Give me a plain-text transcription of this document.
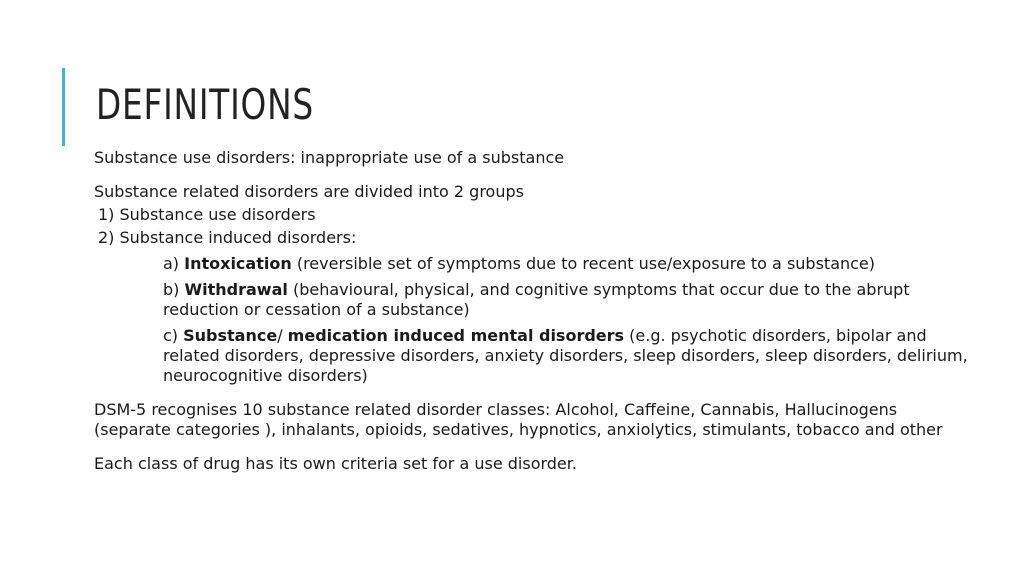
DEFINITIONS

Substance use disorders: inappropriate use of a substance

Substance related disorders are divided into 2 groups

1) Substance use disorders

2) Substance induced disorders:

a) Intoxication (reversible set of symptoms due to recent use/exposure to a substance)

b) Withdrawal (behavioural, physical, and cognitive symptoms that occur due to the abrupt reduction or cessation of a substance)

c) Substance/ medication induced mental disorders (e.g. psychotic disorders, bipolar and related disorders, depressive disorders, anxiety disorders, sleep disorders, sleep disorders, delirium, neurocognitive disorders)

DSM-5 recognises 10 substance related disorder classes: Alcohol, Caffeine, Cannabis, Hallucinogens (separate categories ), inhalants, opioids, sedatives, hypnotics, anxiolytics, stimulants, tobacco and other

Each class of drug has its own criteria set for a use disorder.
